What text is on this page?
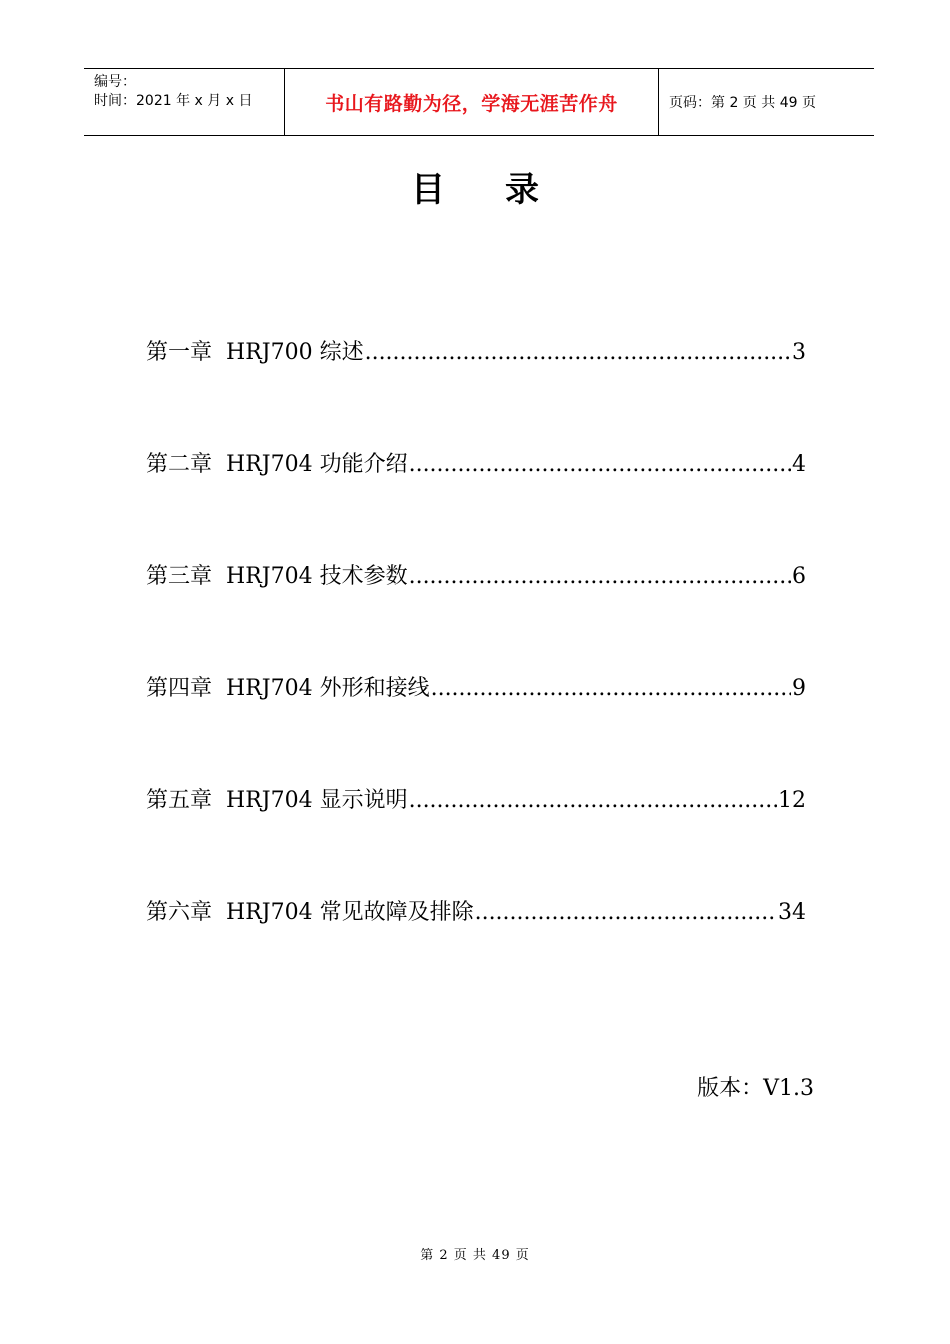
编号：
时间：2021 年 x 月 x 日	书山有路勤为径，学海无涯苦作舟	页码：第 2 页 共 49 页
目 录
第一章 HRJ700 综述 .....	3
第二章 HRJ704 功能介绍 .....	4
第三章 HRJ704 技术参数 .....	6
第四章 HRJ704 外形和接线 .....	9
第五章 HRJ704 显示说明 .....	12
第六章 HRJ704 常见故障及排除 .....	34
版本：V1.3
第 2 页 共 49 页
